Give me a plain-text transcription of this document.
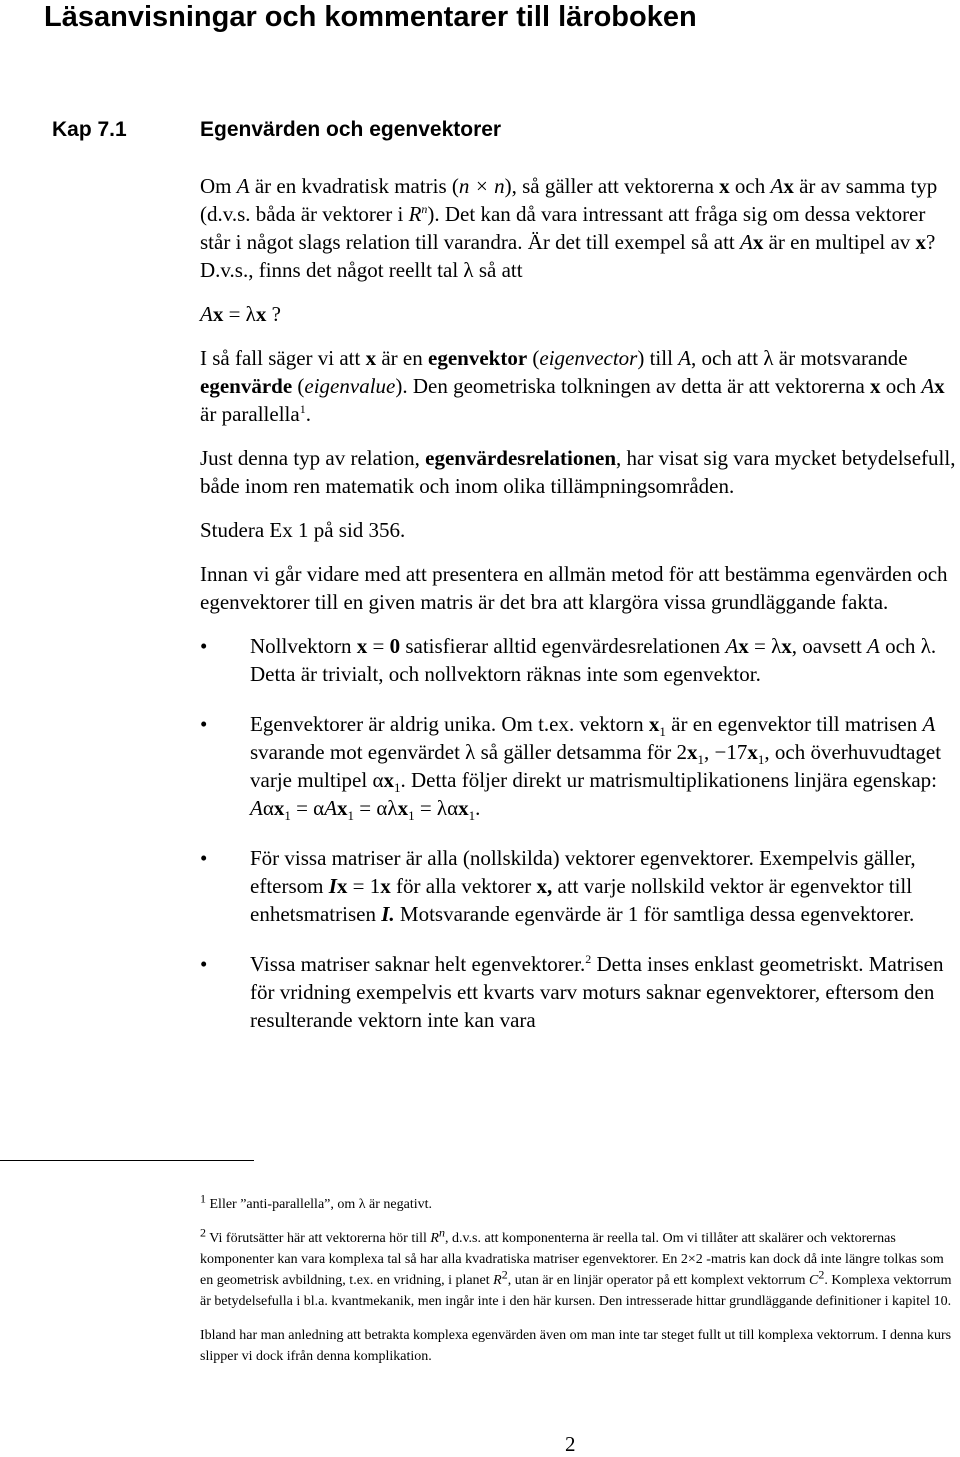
Läsanvisningar och kommentarer till läroboken
Kap 7.1	Egenvärden och egenvektorer

Om A är en kvadratisk matris (n × n), så gäller att vektorerna x och Ax är av samma typ (d.v.s. båda är vektorer i $R^n$). Det kan då vara intressant att fråga sig om dessa vektorer står i något slags relation till varandra. Är det till exempel så att Ax är en multipel av x? D.v.s., finns det något reellt tal λ så att

Ax = λx ?

I så fall säger vi att x är en egenvektor (eigenvector) till A, och att λ är motsvarande egenvärde (eigenvalue). Den geometriska tolkningen av detta är att vektorerna x och Ax är parallella$^1$.

Just denna typ av relation, egenvärdesrelationen, har visat sig vara mycket betydelsefull, både inom ren matematik och inom olika tillämpningsområden.

Studera Ex 1 på sid 356.

Innan vi går vidare med att presentera en allmän metod för att bestämma egenvärden och egenvektorer till en given matris är det bra att klargöra vissa grundläggande fakta.

• Nollvektorn x = 0 satisfierar alltid egenvärdesrelationen Ax = λx, oavsett A och λ. Detta är trivialt, och nollvektorn räknas inte som egenvektor.
• Egenvektorer är aldrig unika. Om t.ex. vektorn $x_1$ är en egenvektor till matrisen A svarande mot egenvärdet λ så gäller detsamma för $2x_1$, $-17x_1$, och överhuvudtaget varje multipel $\alpha x_1$. Detta följer direkt ur matrismultiplikationens linjära egenskap: Aαx$_1$ = αAx$_1$ = αλx$_1$ = λαx$_1$.
• För vissa matriser är alla (nollskilda) vektorer egenvektorer. Exempelvis gäller, eftersom Ix = 1x för alla vektorer x, att varje nollskild vektor är egenvektor till enhetsmatrisen I. Motsvarande egenvärde är 1 för samtliga dessa egenvektorer.
• Vissa matriser saknar helt egenvektorer.$^2$ Detta inses enklast geometriskt. Matrisen för vridning exempelvis ett kvarts varv moturs saknar egenvektorer, eftersom den resulterande vektorn inte kan vara

$^1$ Eller ”anti-parallella”, om λ är negativt.

$^2$ Vi förutsätter här att vektorerna hör till $R^n$, d.v.s. att komponenterna är reella tal. Om vi tillåter att skalärer och vektorernas komponenter kan vara komplexa tal så har alla kvadratiska matriser egenvektorer. En 2×2 -matris kan dock då inte längre tolkas som en geometrisk avbildning, t.ex. en vridning, i planet $R^2$, utan är en linjär operator på ett komplext vektorrum $C^2$. Komplexa vektorrum är betydelsefulla i bl.a. kvantmekanik, men ingår inte i den här kursen. Den intresserade hittar grundläggande definitioner i kapitel 10.

Ibland har man anledning att betrakta komplexa egenvärden även om man inte tar steget fullt ut till komplexa vektorrum. I denna kurs slipper vi dock ifrån denna komplikation.

2
